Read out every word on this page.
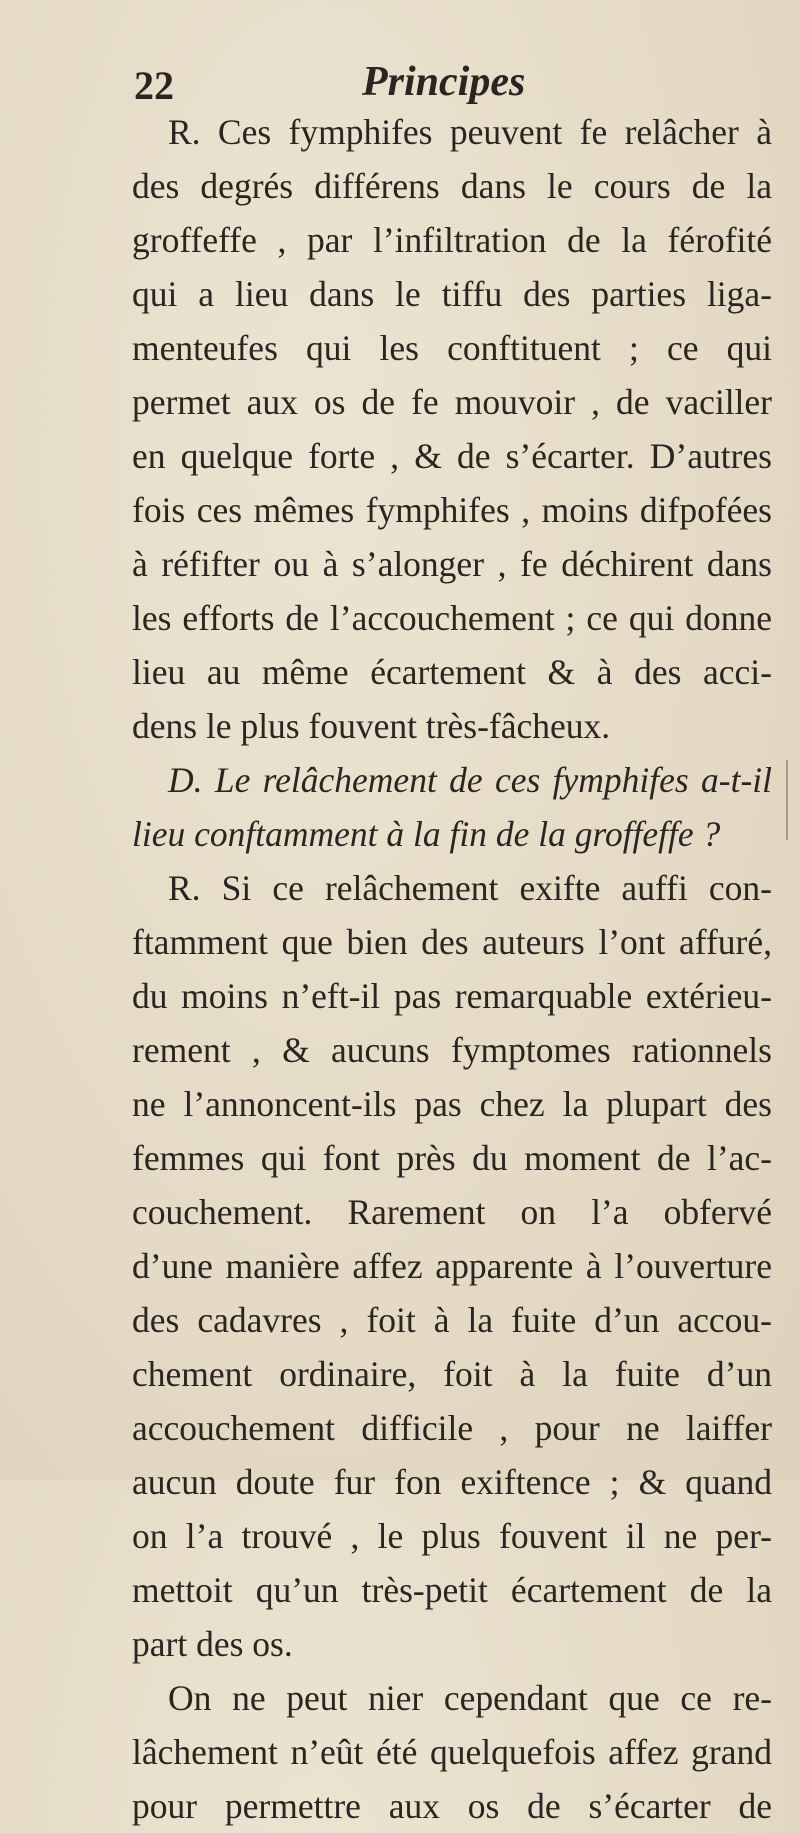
22	Principes
R. Ces fymphifes peuvent fe relâcher à
des degrés différens dans le cours de la
groffeffe , par l’infiltration de la férofité
qui a lieu dans le tiffu des parties liga-
menteufes qui les conftituent ; ce qui
permet aux os de fe mouvoir , de vaciller
en quelque forte , & de s’écarter. D’autres
fois ces mêmes fymphifes , moins difpofées
à réfifter ou à s’alonger , fe déchirent dans
les efforts de l’accouchement ; ce qui donne
lieu au même écartement & à des acci-
dens le plus fouvent très-fâcheux.
D. Le relâchement de ces fymphifes a-t-il
lieu conftamment à la fin de la groffeffe ?
R. Si ce relâchement exifte auffi con-
ftamment que bien des auteurs l’ont affuré,
du moins n’eft-il pas remarquable extérieu-
rement , & aucuns fymptomes rationnels
ne l’annoncent-ils pas chez la plupart des
femmes qui font près du moment de l’ac-
couchement. Rarement on l’a obfervé
d’une manière affez apparente à l’ouverture
des cadavres , foit à la fuite d’un accou-
chement ordinaire, foit à la fuite d’un
accouchement difficile , pour ne laiffer
aucun doute fur fon exiftence ; & quand
on l’a trouvé , le plus fouvent il ne per-
mettoit qu’un très-petit écartement de la
part des os.
On ne peut nier cependant que ce re-
lâchement n’eût été quelquefois affez grand
pour permettre aux os de s’écarter de
